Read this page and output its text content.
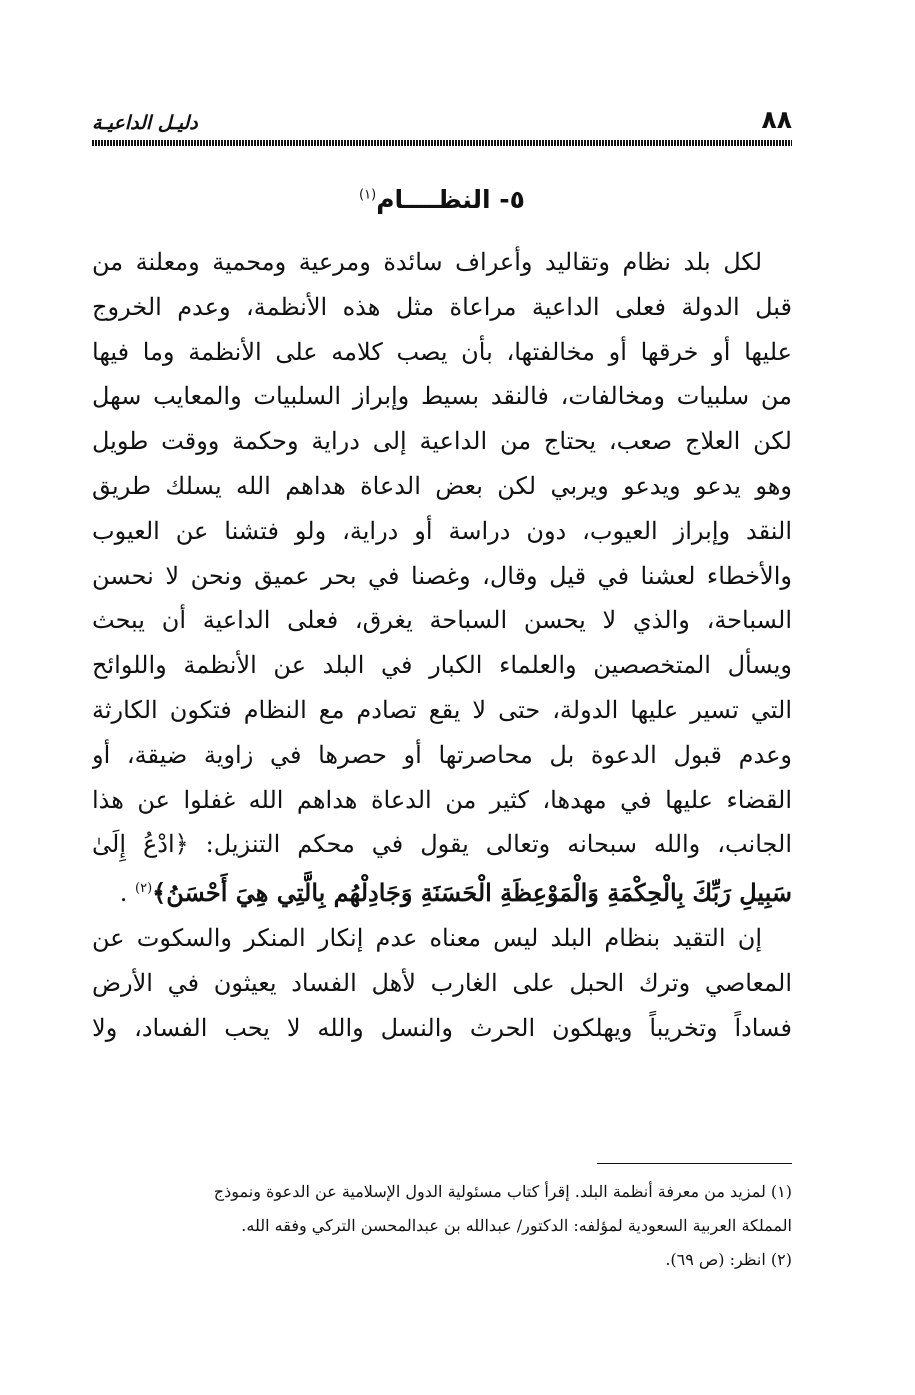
٨٨
دليـل الداعيـة
٥- النظــــام$^{(١)}$

لكل بلد نظام وتقاليد وأعراف سائدة ومرعية ومحمية ومعلنة من
قبل الدولة فعلى الداعية مراعاة مثل هذه الأنظمة، وعدم الخروج
عليها أو خرقها أو مخالفتها، بأن يصب كلامه على الأنظمة وما فيها
من سلبيات ومخالفات، فالنقد بسيط وإبراز السلبيات والمعايب سهل
لكن العلاج صعب، يحتاج من الداعية إلى دراية وحكمة ووقت طويل
وهو يدعو ويدعو ويربي لكن بعض الدعاة هداهم الله يسلك طريق
النقد وإبراز العيوب، دون دراسة أو دراية، ولو فتشنا عن العيوب
والأخطاء لعشنا في قيل وقال، وغصنا في بحر عميق ونحن لا نحسن
السباحة، والذي لا يحسن السباحة يغرق، فعلى الداعية أن يبحث
ويسأل المتخصصين والعلماء الكبار في البلد عن الأنظمة واللوائح
التي تسير عليها الدولة، حتى لا يقع تصادم مع النظام فتكون الكارثة
وعدم قبول الدعوة بل محاصرتها أو حصرها في زاوية ضيقة، أو
القضاء عليها في مهدها، كثير من الدعاة هداهم الله غفلوا عن هذا
الجانب، والله سبحانه وتعالى يقول في محكم التنزيل: ﴿ادْعُ إِلَىٰ
سَبِيلِ رَبِّكَ بِالْحِكْمَةِ وَالْمَوْعِظَةِ الْحَسَنَةِ وَجَادِلْهُم بِالَّتِي هِيَ أَحْسَنُ﴾$^{(٢)}$ .

إن التقيد بنظام البلد ليس معناه عدم إنكار المنكر والسكوت عن
المعاصي وترك الحبل على الغارب لأهل الفساد يعيثون في الأرض
فساداً وتخريباً ويهلكون الحرث والنسل والله لا يحب الفساد، ولا

(١) لمزيد من معرفة أنظمة البلد. إقرأ كتاب مسئولية الدول الإسلامية عن الدعوة ونموذج
المملكة العربية السعودية لمؤلفه: الدكتور/ عبدالله بن عبدالمحسن التركي وفقه الله.
(٢) انظر: (ص ٦٩).
